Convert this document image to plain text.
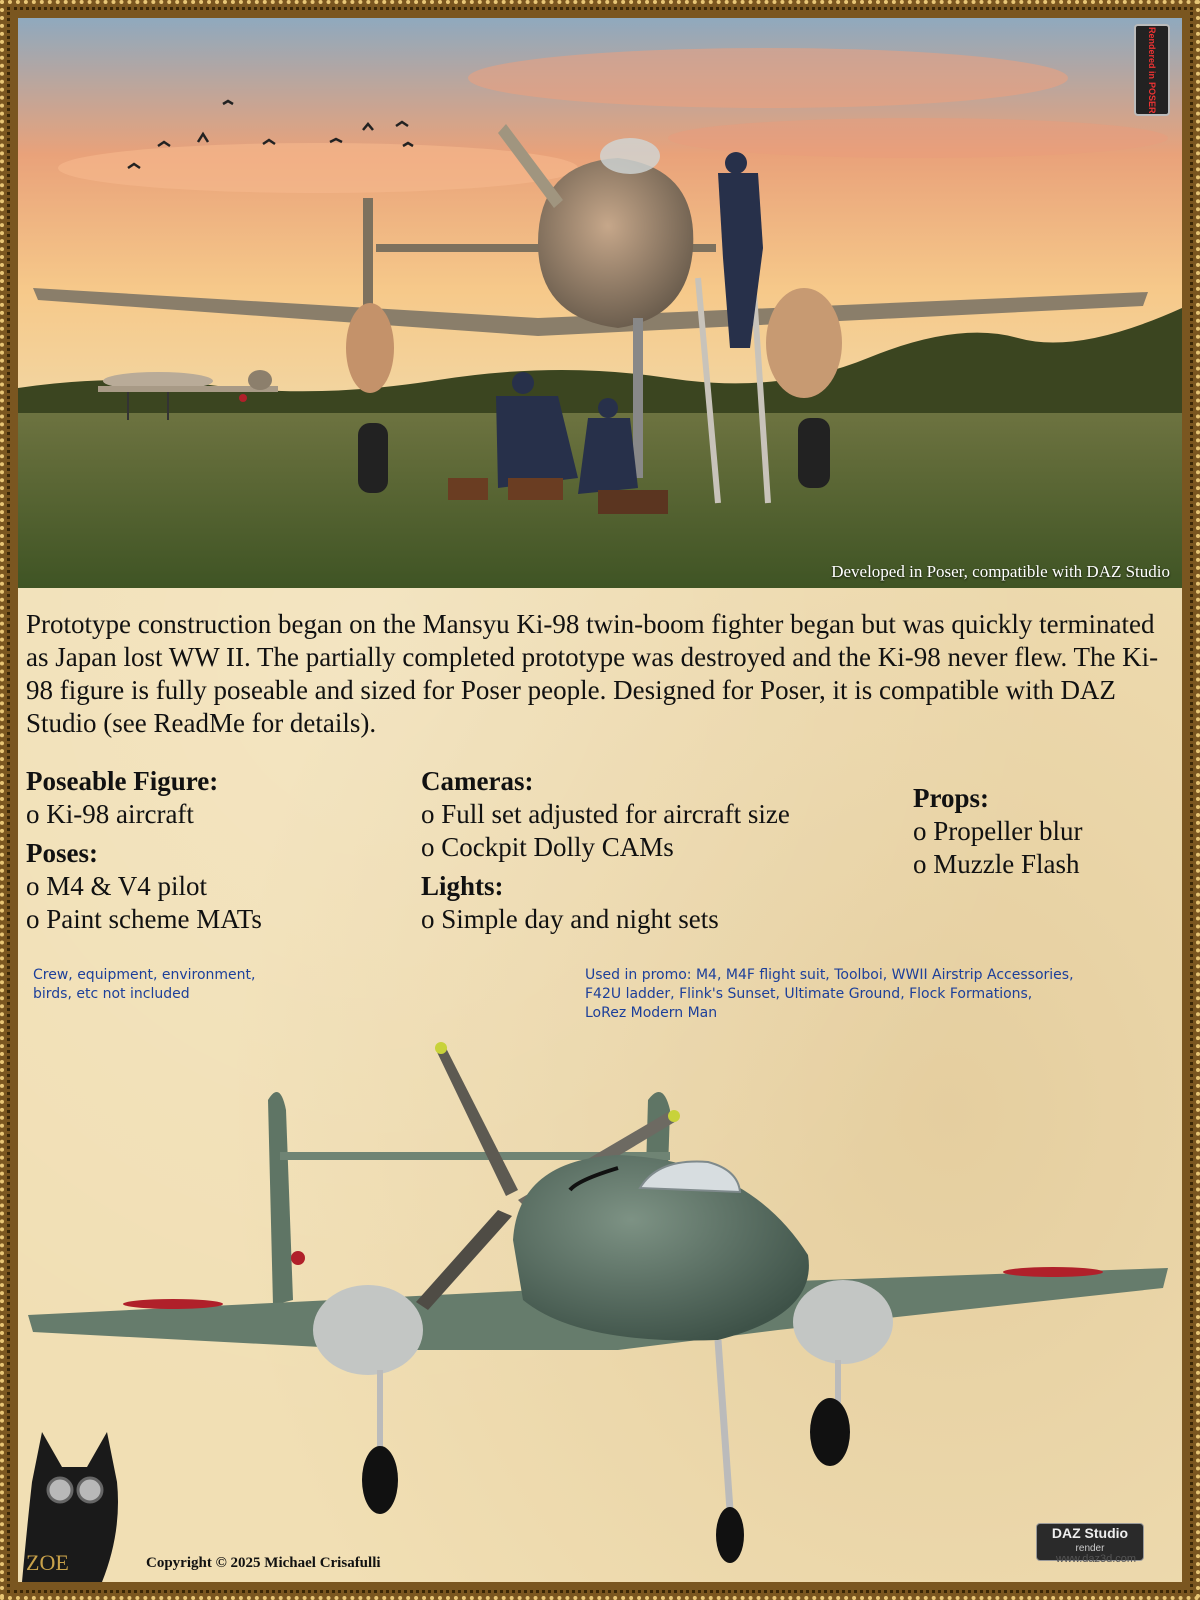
Rendered in

POSER
Developed in Poser, compatible with DAZ Studio

Prototype construction began on the Mansyu Ki-98 twin-boom fighter began but was quickly terminated as Japan lost WW II. The partially completed prototype was destroyed and the Ki-98 never flew. The Ki-98 figure is fully poseable and sized for Poser people. Designed for Poser, it is compatible with DAZ Studio (see ReadMe for details).

Poseable Figure:

o Ki-98 aircraft

Poses:

o M4 & V4 pilot

o Paint scheme MATs

Cameras:

o Full set adjusted for aircraft size

o Cockpit Dolly CAMs

Lights:

o Simple day and night sets

Props:

o Propeller blur

o Muzzle Flash

Crew, equipment, environment,
birds, etc not included
Used in promo: M4, M4F flight suit, Toolboi, WWII Airstrip Accessories,
F42U ladder, Flink's Sunset, Ultimate Ground, Flock Formations,
LoRez Modern Man
ZOE	Copyright © 2025 Michael Crisafulli
DAZ Studio
render
www.daz3d.com
